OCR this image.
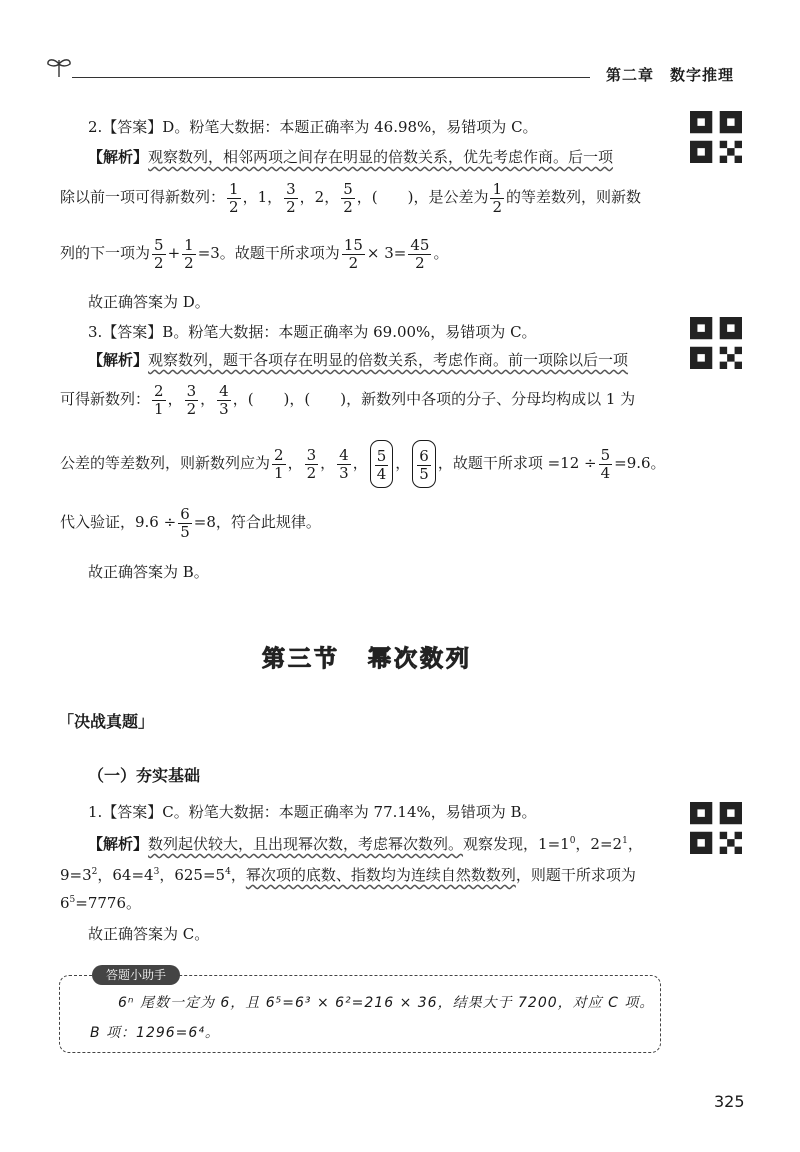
第二章　数字推理
2.【答案】D。粉笔大数据：本题正确率为 46.98%，易错项为 C。
【解析】观察数列，相邻两项之间存在明显的倍数关系，优先考虑作商。后一项
除以前一项可得新数列： $\frac{1}{2}$ ，1， $\frac{3}{2}$ ，2， $\frac{5}{2}$ ，(　　)，是公差为 $\frac{1}{2}$ 的等差数列，则新数
列的下一项为 $\frac{5}{2} + \frac{1}{2} =3$。故题干所求项为 $\frac{15}{2} \times 3= \frac{45}{2}$ 。
故正确答案为 D。
3.【答案】B。粉笔大数据：本题正确率为 69.00%，易错项为 C。
【解析】观察数列，题干各项存在明显的倍数关系，考虑作商。前一项除以后一项
可得新数列： $\frac{2}{1}$ ， $\frac{3}{2}$ ， $\frac{4}{3}$ ，(　　)，(　　)，新数列中各项的分子、分母均构成以 1 为
公差的等差数列，则新数列应为 $\frac{2}{1}$ ， $\frac{3}{2}$ ， $\frac{4}{3}$ ， $\frac{5}{4}$ ， $\frac{6}{5}$ ，故题干所求项 $=12 \div \frac{5}{4} =9.6$。
代入验证，$9.6 \div \frac{6}{5} =8$，符合此规律。
故正确答案为 B。
第三节 幂次数列
「决战真题」
（一）夯实基础
1.【答案】C。粉笔大数据：本题正确率为 77.14%，易错项为 B。
【解析】数列起伏较大，且出现幂次数，考虑幂次数列。观察发现，$1=1^0$，$2=2^1$，
$9=3^2$，$64=4^3$，$625=5^4$，幂次项的底数、指数均为连续自然数数列，则题干所求项为
$6^5=7776$。
故正确答案为 C。
答题小助手
6ⁿ 尾数一定为 6，且 6⁵=6³ × 6²=216 × 36，结果大于 7200，对应 C 项。
B 项：1296=6⁴。
325
